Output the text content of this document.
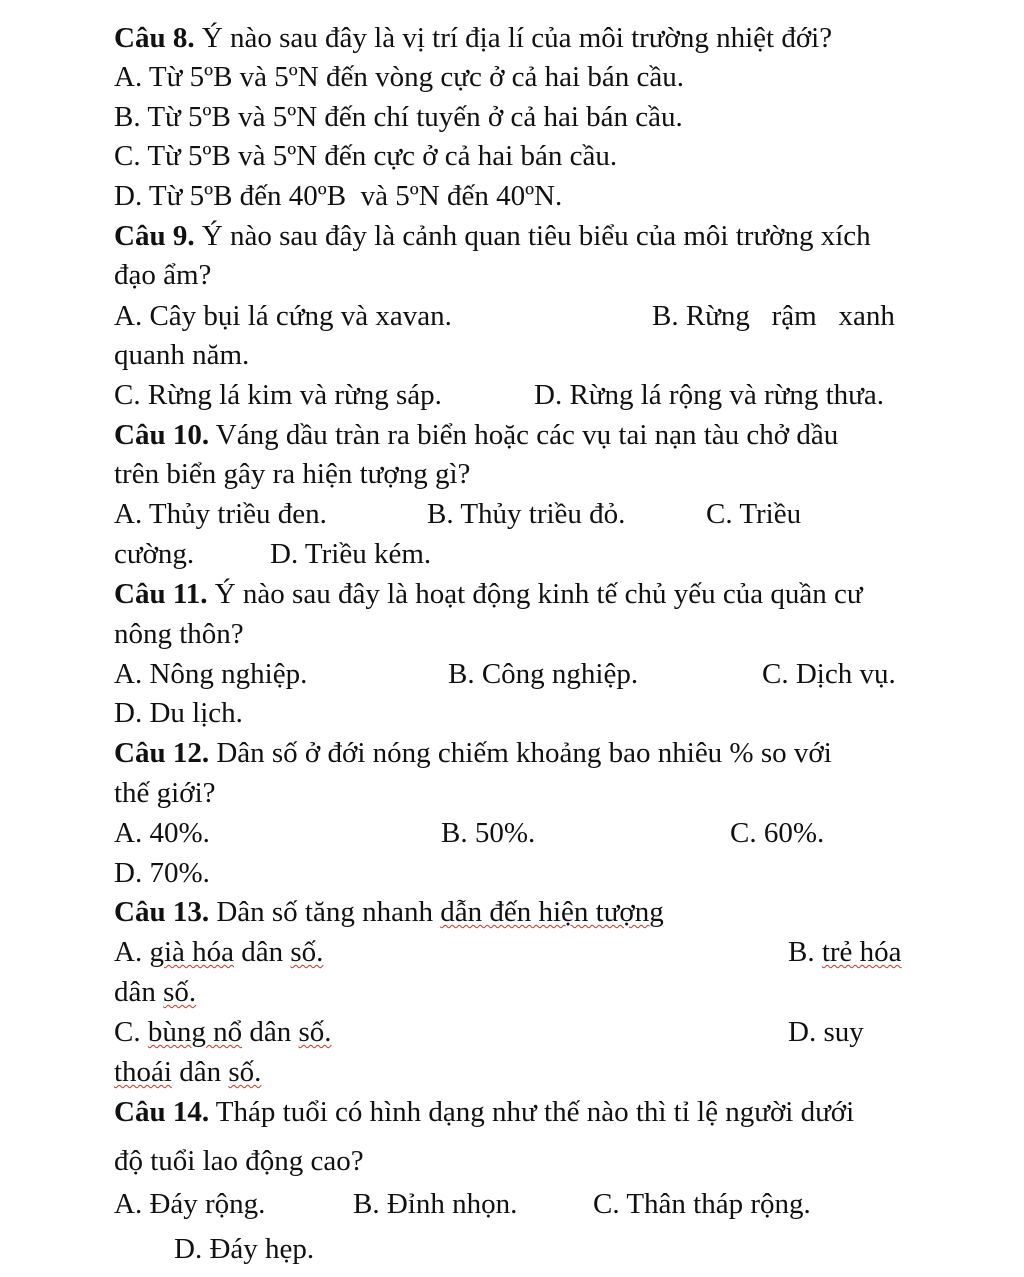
Câu 8. Ý nào sau đây là vị trí địa lí của môi trường nhiệt đới?
A. Từ 5ºB và 5ºN đến vòng cực ở cả hai bán cầu.
B. Từ 5ºB và 5ºN đến chí tuyến ở cả hai bán cầu.
C. Từ 5ºB và 5ºN đến cực ở cả hai bán cầu.
D. Từ 5ºB đến 40ºB  và 5ºN đến 40ºN.
Câu 9. Ý nào sau đây là cảnh quan tiêu biểu của môi trường xích
đạo ẩm?
A. Cây bụi lá cứng và xavan.	B. Rừng   rậm   xanh
quanh năm.
C. Rừng lá kim và rừng sáp.	D. Rừng lá rộng và rừng thưa.
Câu 10. Váng dầu tràn ra biển hoặc các vụ tai nạn tàu chở dầu
trên biển gây ra hiện tượng gì?
A. Thủy triều đen.	B. Thủy triều đỏ.	C. Triều
cường.	D. Triều kém.
Câu 11. Ý nào sau đây là hoạt động kinh tế chủ yếu của quần cư
nông thôn?
A. Nông nghiệp.	B. Công nghiệp.	C. Dịch vụ.
D. Du lịch.
Câu 12. Dân số ở đới nóng chiếm khoảng bao nhiêu % so với
thế giới?
A. 40%.	B. 50%.	C. 60%.
D. 70%.
Câu 13. Dân số tăng nhanh dẫn đến hiện tượng
A. già hóa dân số.	B. trẻ hóa
dân số.
C. bùng nổ dân số.	D. suy
thoái dân số.
Câu 14. Tháp tuổi có hình dạng như thế nào thì tỉ lệ người dưới
độ tuổi lao động cao?
A. Đáy rộng.	B. Đỉnh nhọn.	C. Thân tháp rộng.
D. Đáy hẹp.
